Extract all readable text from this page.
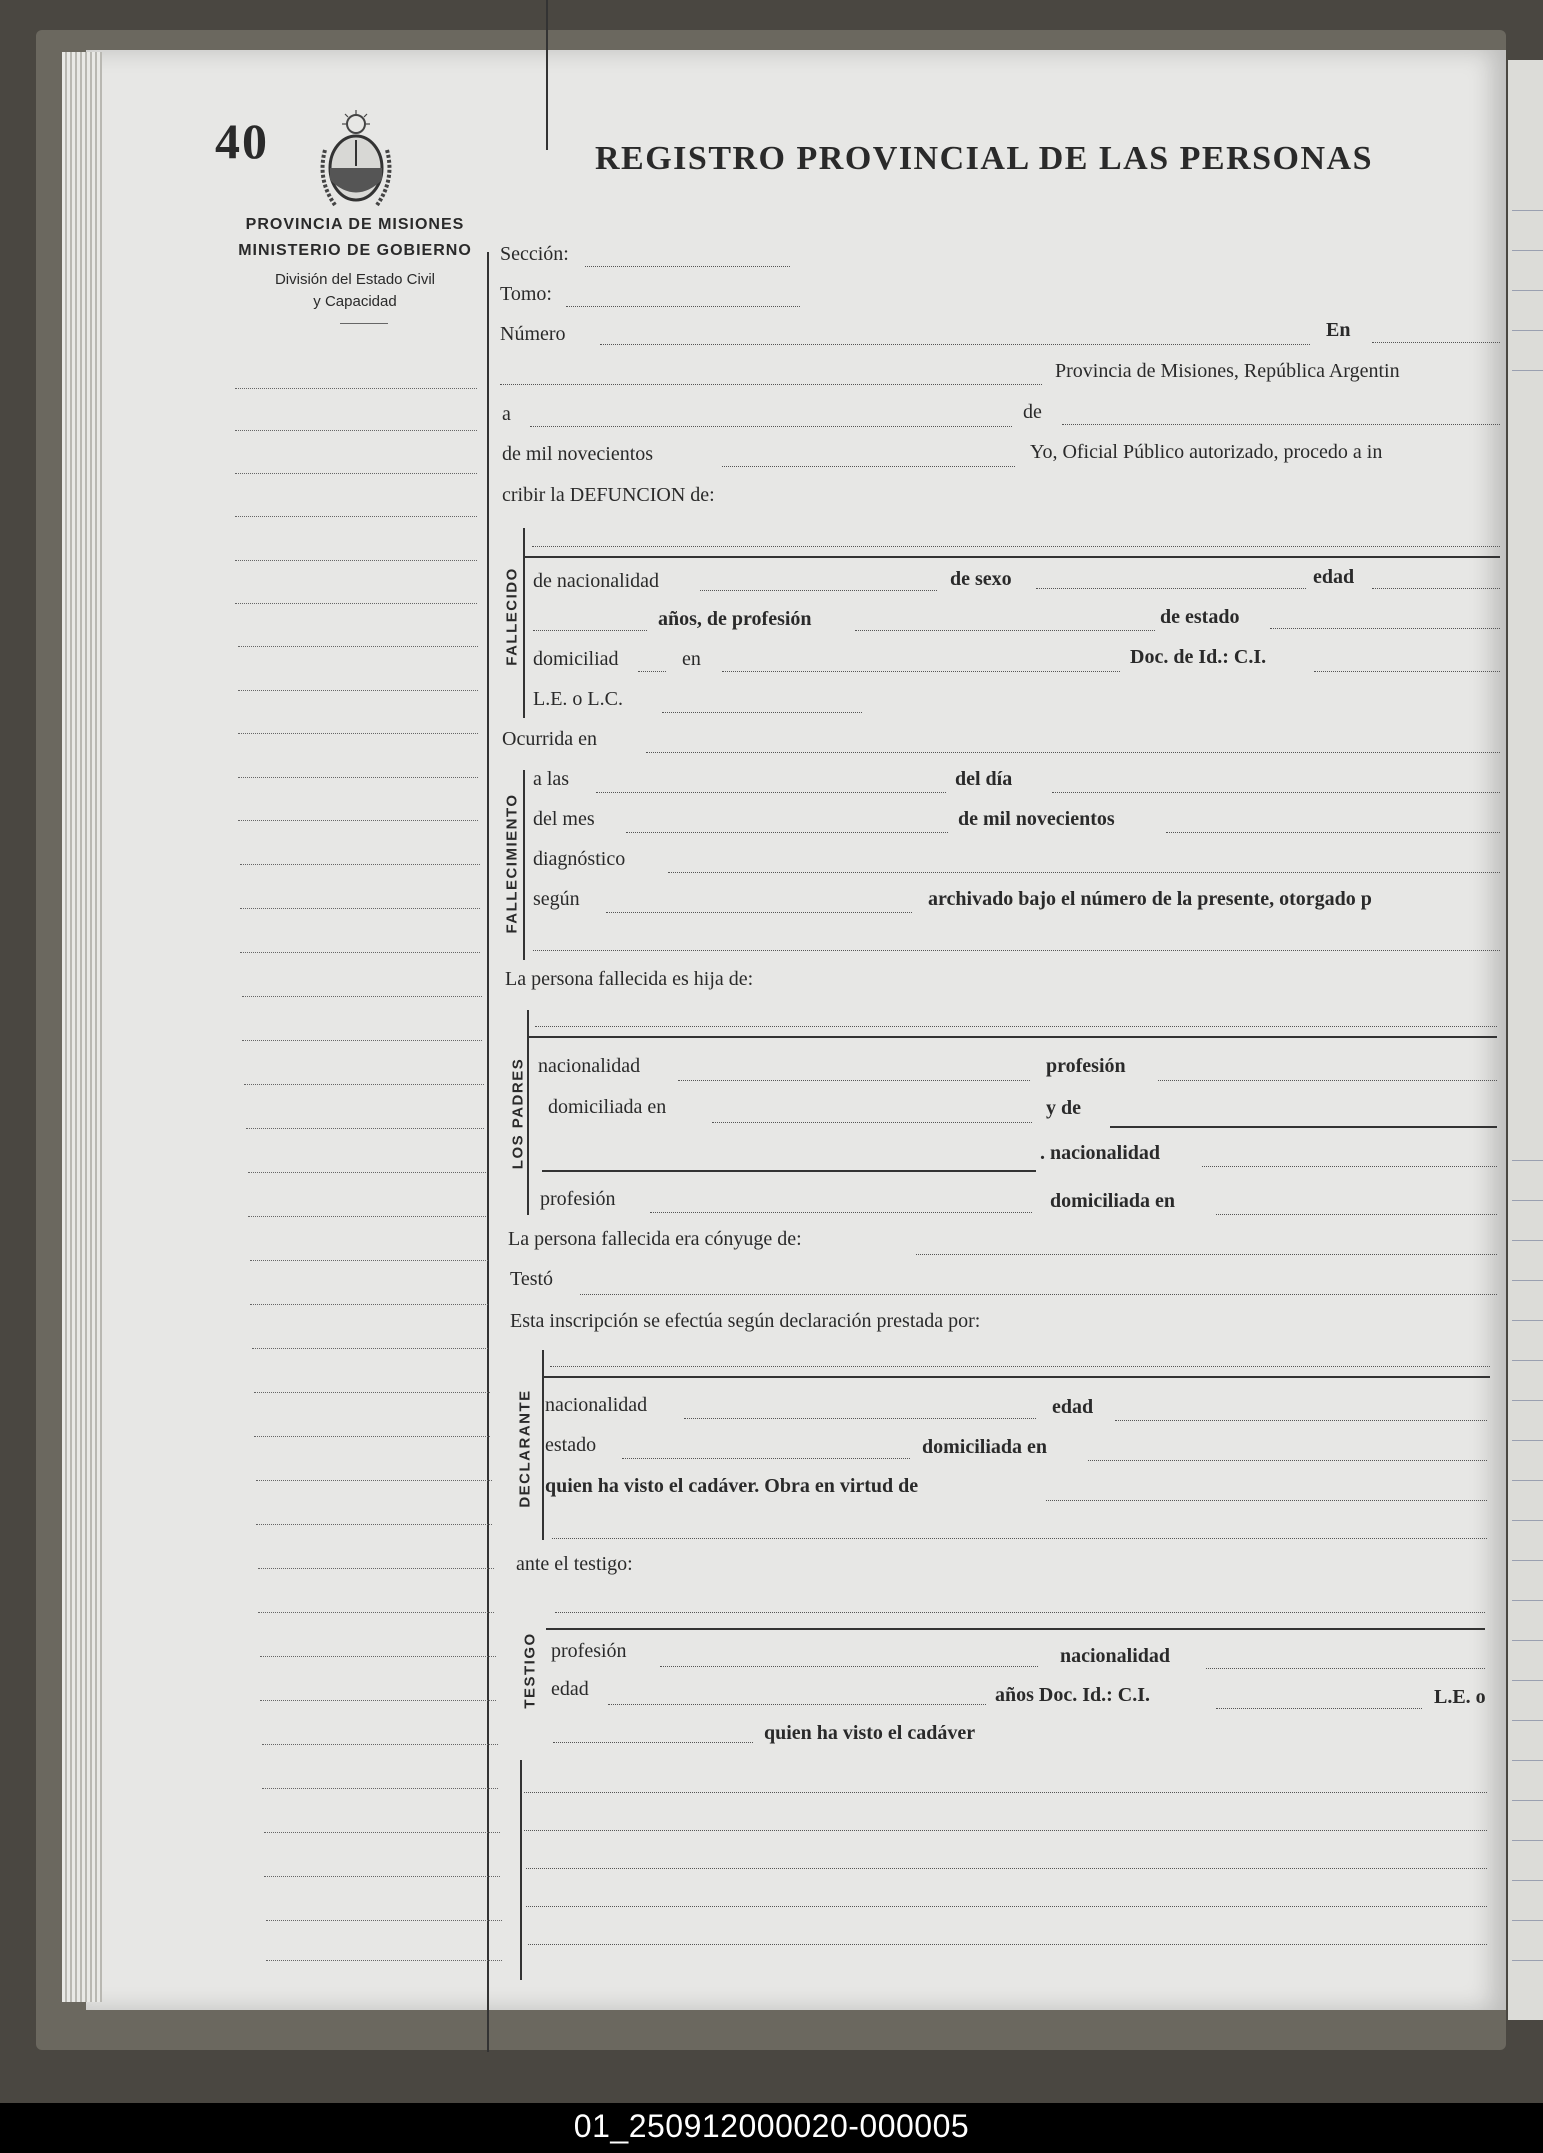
40	REGISTRO PROVINCIAL DE LAS PERSONAS
PROVINCIA DE MISIONES
MINISTERIO DE GOBIERNO
División del Estado Civil
y Capacidad
Sección:
Tomo:
Número	En
Provincia de Misiones, República Argentin
a	de
de mil novecientos	Yo, Oficial Público autorizado, procedo a in
cribir la DEFUNCION de:
FALLECIDO de nacionalidad	de sexo	edad
años, de profesión	de estado
domiciliad	en	Doc. de Id.: C.I.
L.E. o L.C.
Ocurrida en
FALLECIMIENTO
a las	del día
del mes	de mil novecientos
diagnóstico
según	archivado bajo el número de la presente, otorgado p
La persona fallecida es hija de:
LOS PADRES nacionalidad	profesión
domiciliada en	y de
. nacionalidad
profesión	domiciliada en
La persona fallecida era cónyuge de:
Testó
Esta inscripción se efectúa según declaración prestada por:
DECLARANTE nacionalidad	edad
estado	domiciliada en
quien ha visto el cadáver. Obra en virtud de
ante el testigo:
TESTIGO profesión	nacionalidad
edad	años Doc. Id.: C.I.	L.E. o
quien ha visto el cadáver
01_250912000020-000005
